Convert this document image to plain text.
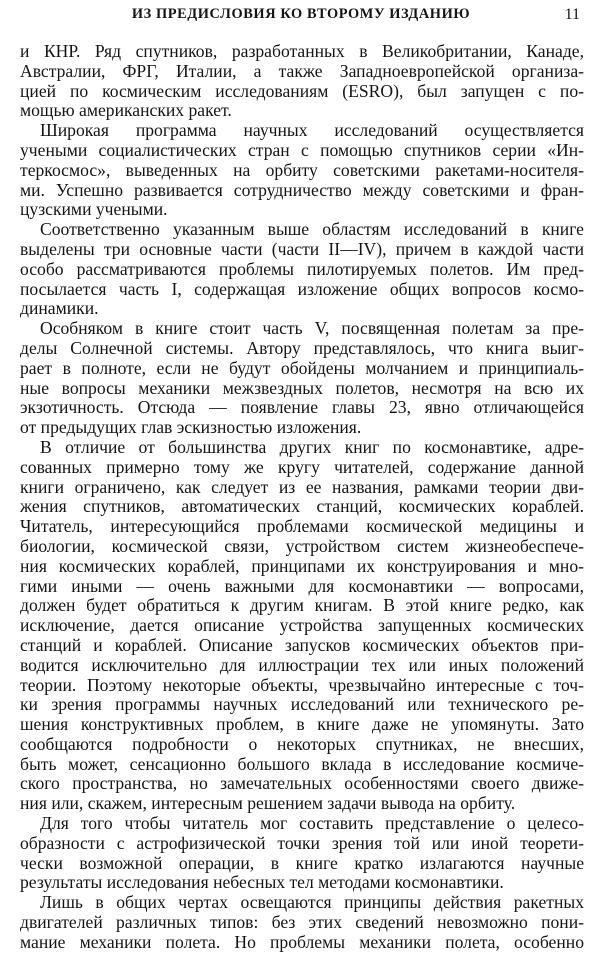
ИЗ ПРЕДИСЛОВИЯ КО ВТОРОМУ ИЗДАНИЮ	11
и КНР. Ряд спутников, разработанных в Великобритании, Канаде,
Австралии, ФРГ, Италии, а также Западноевропейской организа-
цией по космическим исследованиям (ESRO), был запущен с по-
мощью американских ракет.
Широкая программа научных исследований осуществляется
учеными социалистических стран с помощью спутников серии «Ин-
теркосмос», выведенных на орбиту советскими ракетами-носителя-
ми. Успешно развивается сотрудничество между советскими и фран-
цузскими учеными.
Соответственно указанным выше областям исследований в книге
выделены три основные части (части II—IV), причем в каждой части
особо рассматриваются проблемы пилотируемых полетов. Им пред-
посылается часть I, содержащая изложение общих вопросов космо-
динамики.
Особняком в книге стоит часть V, посвященная полетам за пре-
делы Солнечной системы. Автору представлялось, что книга выиг-
рает в полноте, если не будут обойдены молчанием и принципиаль-
ные вопросы механики межзвездных полетов, несмотря на всю их
экзотичность. Отсюда — появление главы 23, явно отличающейся
от предыдущих глав эскизностью изложения.
В отличие от большинства других книг по космонавтике, адре-
сованных примерно тому же кругу читателей, содержание данной
книги ограничено, как следует из ее названия, рамками теории дви-
жения спутников, автоматических станций, космических кораблей.
Читатель, интересующийся проблемами космической медицины и
биологии, космической связи, устройством систем жизнеобеспече-
ния космических кораблей, принципами их конструирования и мно-
гими иными — очень важными для космонавтики — вопросами,
должен будет обратиться к другим книгам. В этой книге редко, как
исключение, дается описание устройства запущенных космических
станций и кораблей. Описание запусков космических объектов при-
водится исключительно для иллюстрации тех или иных положений
теории. Поэтому некоторые объекты, чрезвычайно интересные с точ-
ки зрения программы научных исследований или технического ре-
шения конструктивных проблем, в книге даже не упомянуты. Зато
сообщаются подробности о некоторых спутниках, не внесших,
быть может, сенсационно большого вклада в исследование космиче-
ского пространства, но замечательных особенностями своего движе-
ния или, скажем, интересным решением задачи вывода на орбиту.
Для того чтобы читатель мог составить представление о целесо-
образности с астрофизической точки зрения той или иной теорети-
чески возможной операции, в книге кратко излагаются научные
результаты исследования небесных тел методами космонавтики.
Лишь в общих чертах освещаются принципы действия ракетных
двигателей различных типов: без этих сведений невозможно пони-
мание механики полета. Но проблемы механики полета, особенно
